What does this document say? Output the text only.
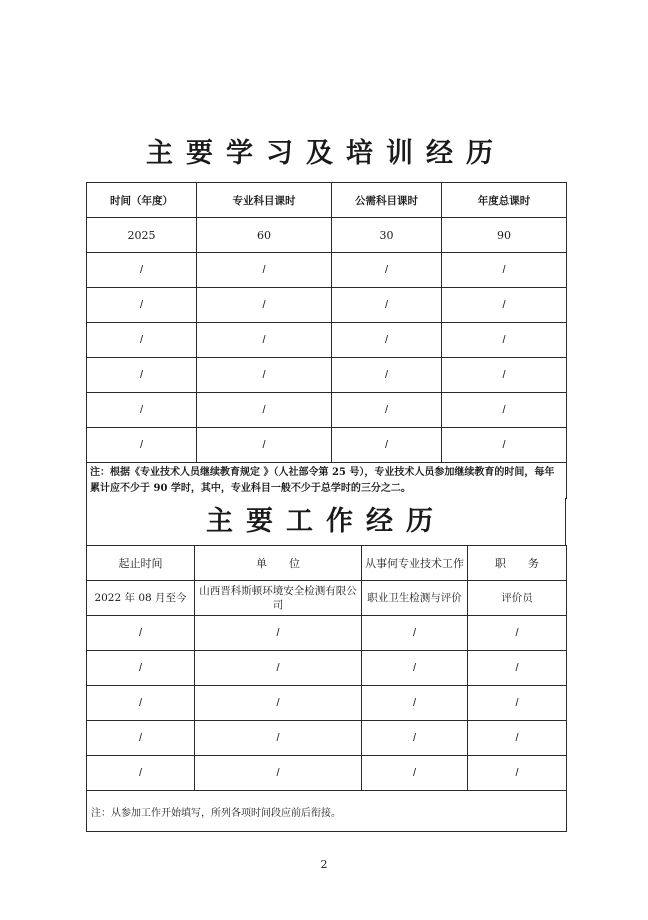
主要学习及培训经历
时间（年度）	专业科目课时	公需科目课时	年度总课时
2025	60	30	90
/	/	/	/
/	/	/	/
/	/	/	/
/	/	/	/
/	/	/	/
/	/	/	/
注：根据《专业技术人员继续教育规定 》（人社部令第 25 号），专业技术人员参加继续教育的时间，每年累计应不少于 90 学时，其中，专业科目一般不少于总学时的三分之二。			
主要工作经历
起止时间	单　　位	从事何专业技术工作	职　　务
2022 年 08 月至今	山西晋科斯顿环境安全检测有限公司	职业卫生检测与评价	评价员
/	/	/	/
/	/	/	/
/	/	/	/
/	/	/	/
/	/	/	/
注：从参加工作开始填写，所列各项时间段应前后衔接。			
2
